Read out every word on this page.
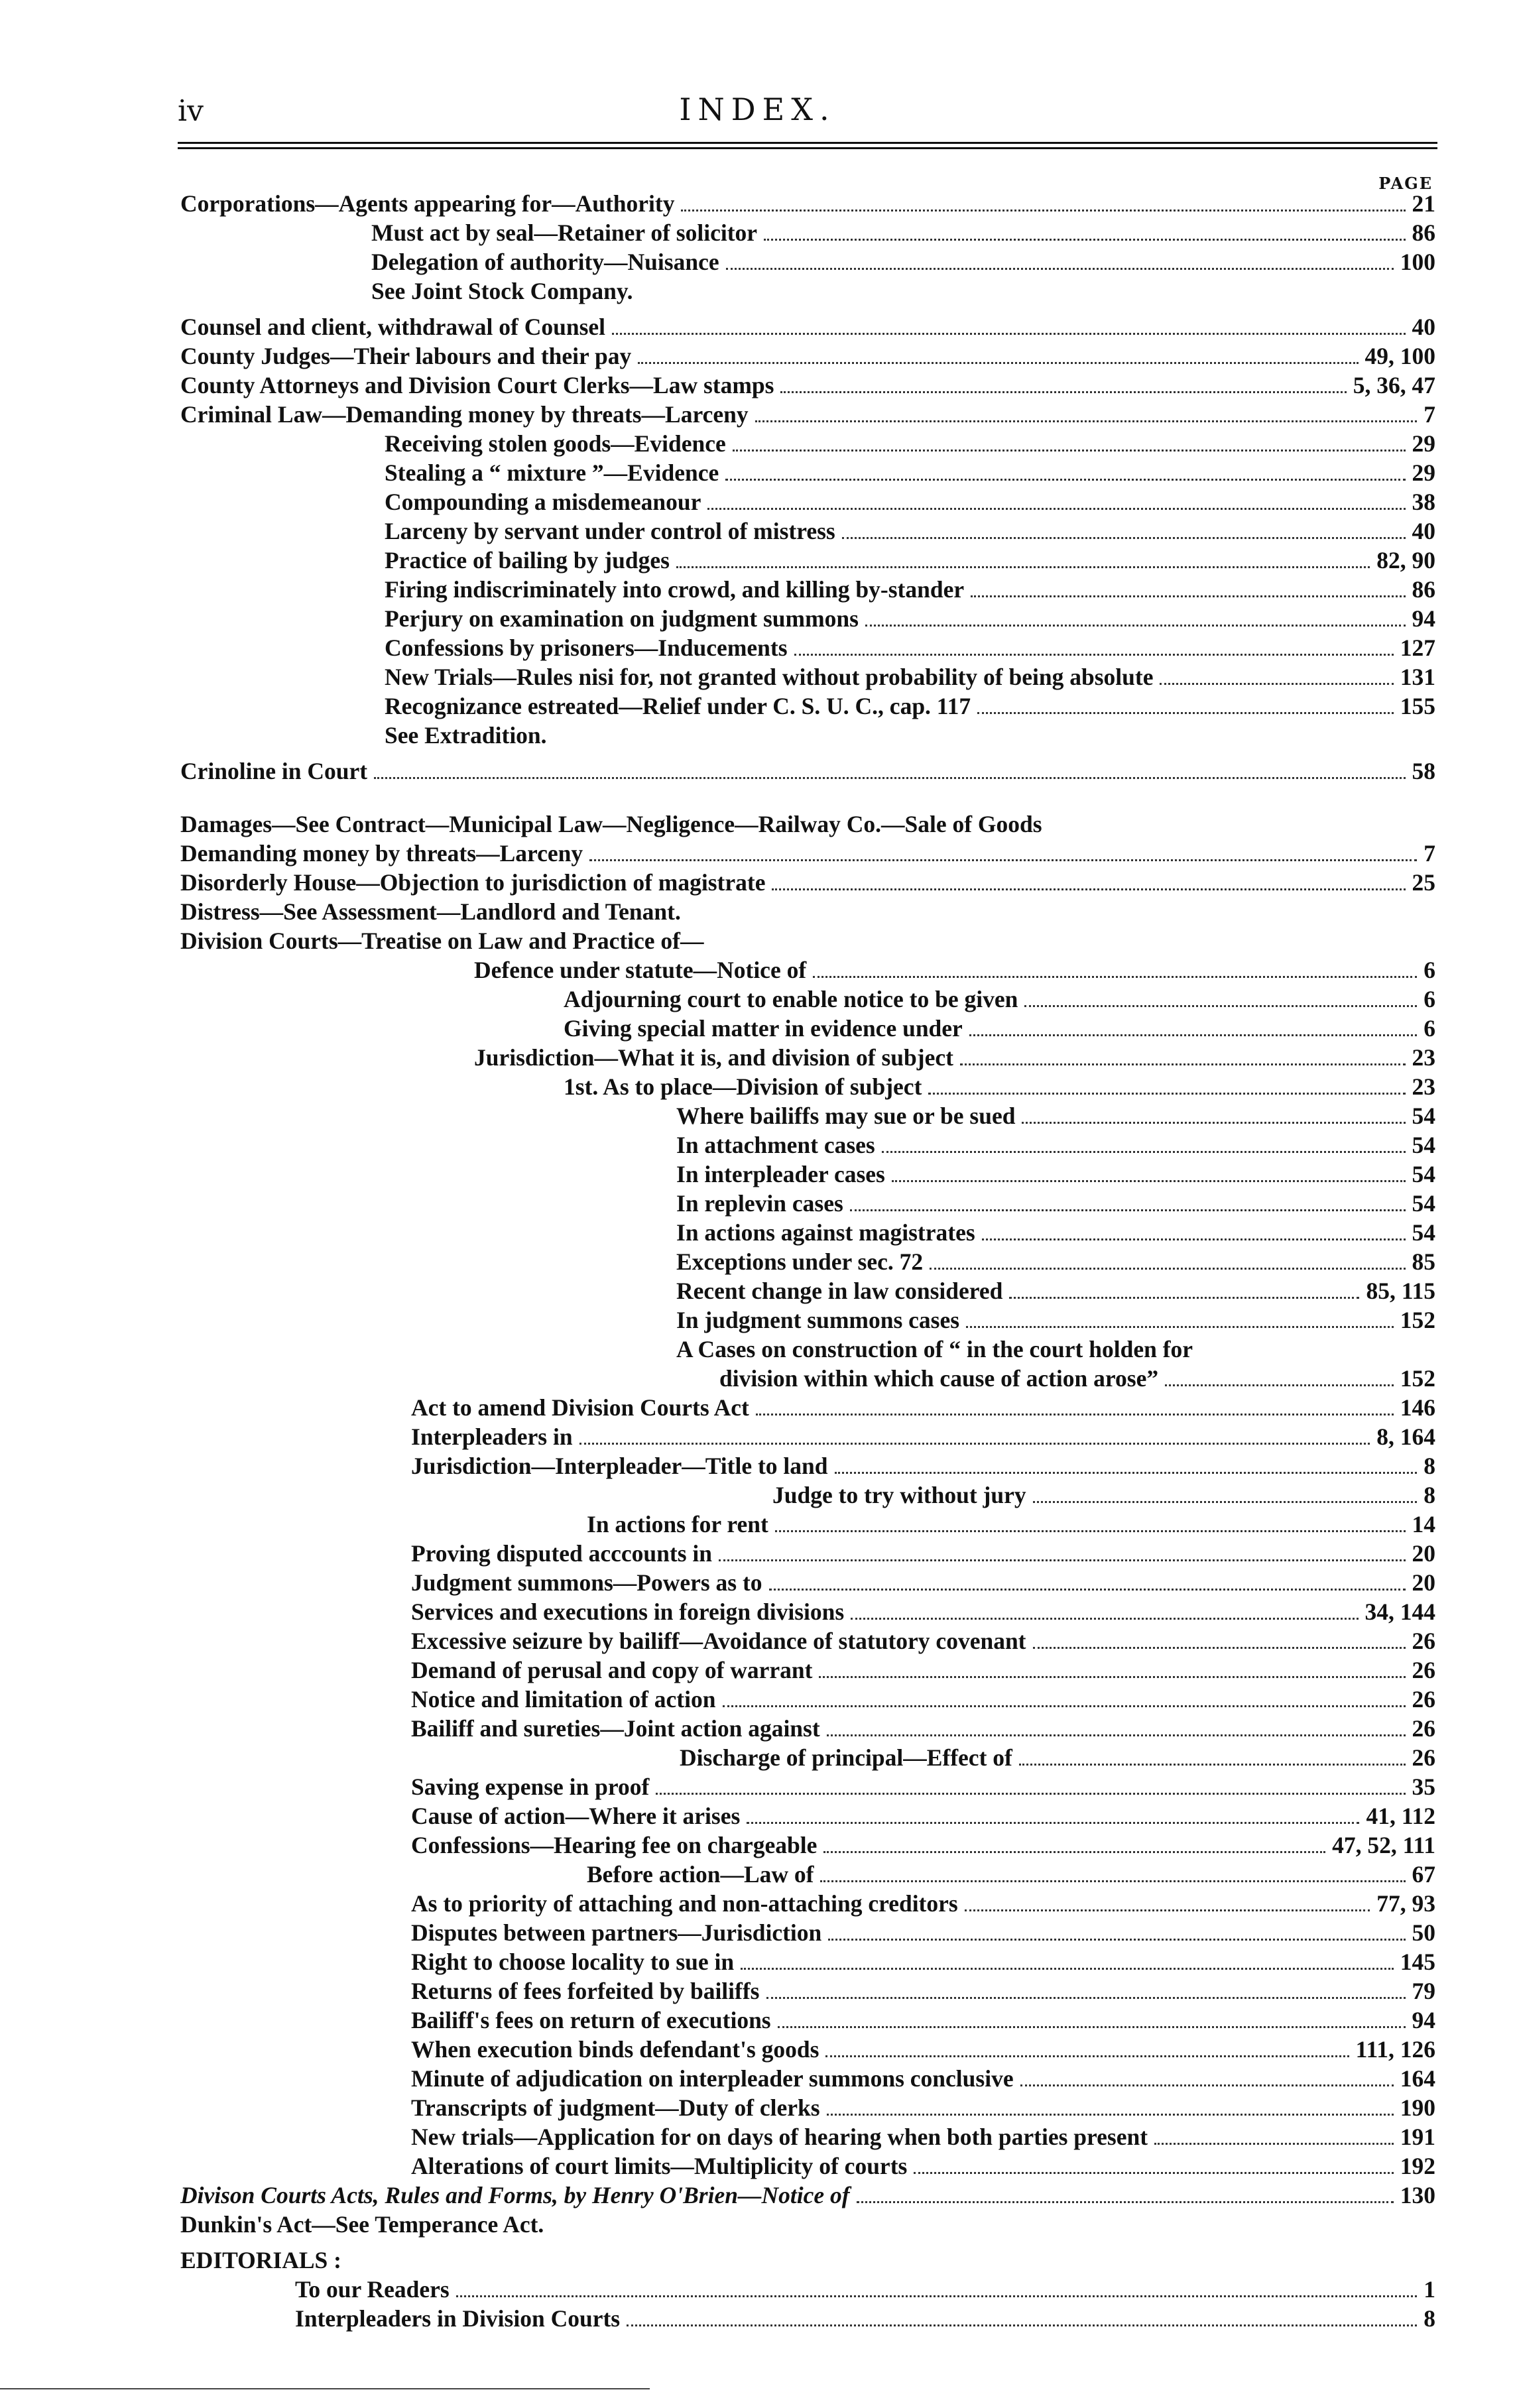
iv	INDEX.
PAGE
Corporations—Agents appearing for—Authority	21
Must act by seal—Retainer of solicitor	86
Delegation of authority—Nuisance	100
See Joint Stock Company.
Counsel and client, withdrawal of Counsel	40
County Judges—Their labours and their pay	49, 100
County Attorneys and Division Court Clerks—Law stamps	5, 36, 47
Criminal Law—Demanding money by threats—Larceny	7
Receiving stolen goods—Evidence	29
Stealing a “ mixture ”—Evidence	29
Compounding a misdemeanour	38
Larceny by servant under control of mistress	40
Practice of bailing by judges	82, 90
Firing indiscriminately into crowd, and killing by-stander	86
Perjury on examination on judgment summons	94
Confessions by prisoners—Inducements	127
New Trials—Rules nisi for, not granted without probability of being absolute	131
Recognizance estreated—Relief under C. S. U. C., cap. 117	155
See Extradition.
Crinoline in Court	58
Damages—See Contract—Municipal Law—Negligence—Railway Co.—Sale of Goods
Demanding money by threats—Larceny	7
Disorderly House—Objection to jurisdiction of magistrate	25
Distress—See Assessment—Landlord and Tenant.
Division Courts—Treatise on Law and Practice of—
Defence under statute—Notice of	6
Adjourning court to enable notice to be given	6
Giving special matter in evidence under	6
Jurisdiction—What it is, and division of subject	23
1st. As to place—Division of subject	23
Where bailiffs may sue or be sued	54
In attachment cases	54
In interpleader cases	54
In replevin cases	54
In actions against magistrates	54
Exceptions under sec. 72	85
Recent change in law considered	85, 115
In judgment summons cases	152
A Cases on construction of “ in the court holden for
division within which cause of action arose”	152
Act to amend Division Courts Act	146
Interpleaders in	8, 164
Jurisdiction—Interpleader—Title to land	8
Judge to try without jury	8
In actions for rent	14
Proving disputed acccounts in	20
Judgment summons—Powers as to	20
Services and executions in foreign divisions	34, 144
Excessive seizure by bailiff—Avoidance of statutory covenant	26
Demand of perusal and copy of warrant	26
Notice and limitation of action	26
Bailiff and sureties—Joint action against	26
Discharge of principal—Effect of	26
Saving expense in proof	35
Cause of action—Where it arises	41, 112
Confessions—Hearing fee on chargeable	47, 52, 111
Before action—Law of	67
As to priority of attaching and non-attaching creditors	77, 93
Disputes between partners—Jurisdiction	50
Right to choose locality to sue in	145
Returns of fees forfeited by bailiffs	79
Bailiff's fees on return of executions	94
When execution binds defendant's goods	111, 126
Minute of adjudication on interpleader summons conclusive	164
Transcripts of judgment—Duty of clerks	190
New trials—Application for on days of hearing when both parties present	191
Alterations of court limits—Multiplicity of courts	192
Divison Courts Acts, Rules and Forms, by Henry O'Brien—Notice of	130
Dunkin's Act—See Temperance Act.
EDITORIALS :
To our Readers	1
Interpleaders in Division Courts	8
